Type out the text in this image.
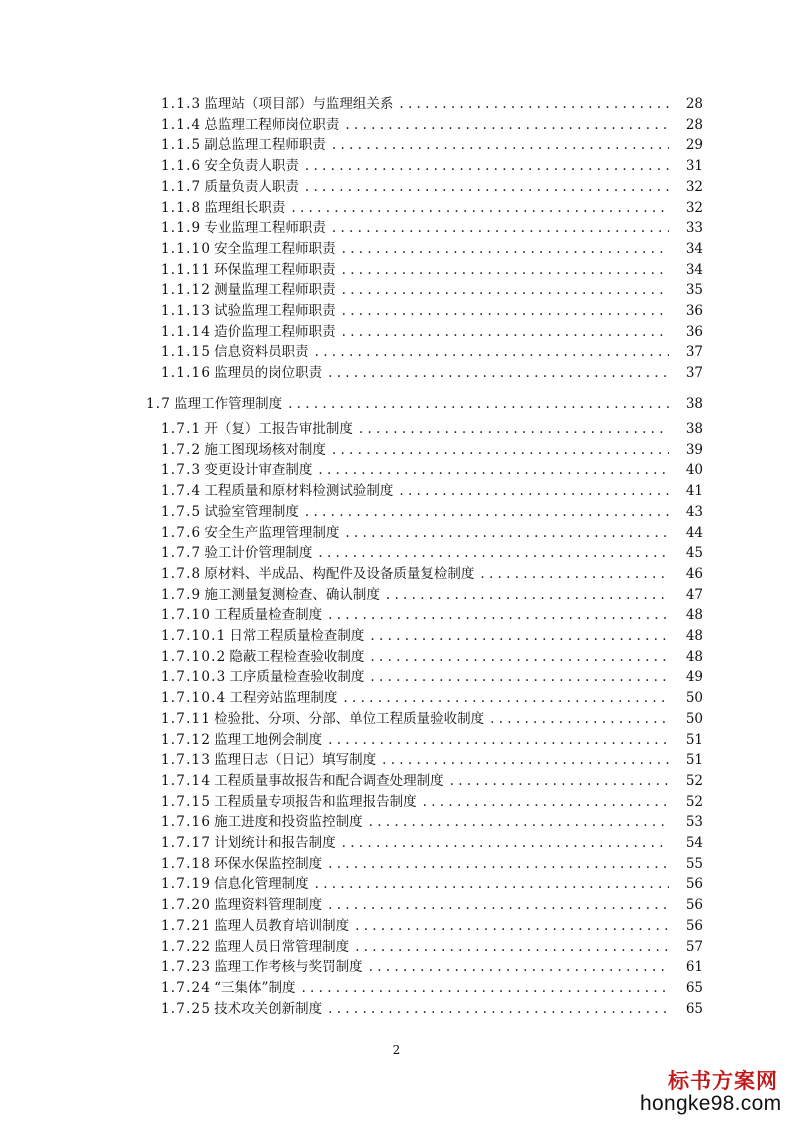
1.1.3 监理站（项目部）与监理组关系 . . .	28
1.1.4 总监理工程师岗位职责 . . .	28
1.1.5 副总监理工程师职责 . . .	29
1.1.6 安全负责人职责 . . .	31
1.1.7 质量负责人职责 . . .	32
1.1.8 监理组长职责 . . .	32
1.1.9 专业监理工程师职责 . . .	33
1.1.10 安全监理工程师职责 . . .	34
1.1.11 环保监理工程师职责 . . .	34
1.1.12 测量监理工程师职责 . . .	35
1.1.13 试验监理工程师职责 . . .	36
1.1.14 造价监理工程师职责 . . .	36
1.1.15 信息资料员职责 . . .	37
1.1.16 监理员的岗位职责 . . .	37
1.7 监理工作管理制度 . . .	38
1.7.1 开（复）工报告审批制度 . . .	38
1.7.2 施工图现场核对制度 . . .	39
1.7.3 变更设计审查制度 . . .	40
1.7.4 工程质量和原材料检测试验制度 . . .	41
1.7.5 试验室管理制度 . . .	43
1.7.6 安全生产监理管理制度 . . .	44
1.7.7 验工计价管理制度 . . .	45
1.7.8 原材料、半成品、构配件及设备质量复检制度 . . .	46
1.7.9 施工测量复测检查、确认制度 . . .	47
1.7.10 工程质量检查制度 . . .	48
1.7.10.1 日常工程质量检查制度 . . .	48
1.7.10.2 隐蔽工程检查验收制度 . . .	48
1.7.10.3 工序质量检查验收制度 . . .	49
1.7.10.4 工程旁站监理制度 . . .	50
1.7.11 检验批、分项、分部、单位工程质量验收制度 . . .	50
1.7.12 监理工地例会制度 . . .	51
1.7.13 监理日志（日记）填写制度 . . .	51
1.7.14 工程质量事故报告和配合调查处理制度 . . .	52
1.7.15 工程质量专项报告和监理报告制度 . . .	52
1.7.16 施工进度和投资监控制度 . . .	53
1.7.17 计划统计和报告制度 . . .	54
1.7.18 环保水保监控制度 . . .	55
1.7.19 信息化管理制度 . . .	56
1.7.20 监理资料管理制度 . . .	56
1.7.21 监理人员教育培训制度 . . .	56
1.7.22 监理人员日常管理制度 . . .	57
1.7.23 监理工作考核与奖罚制度 . . .	61
1.7.24 “三集体”制度 . . .	65
1.7.25 技术攻关创新制度 . . .	65
2
标书方案网
hongke98.com
